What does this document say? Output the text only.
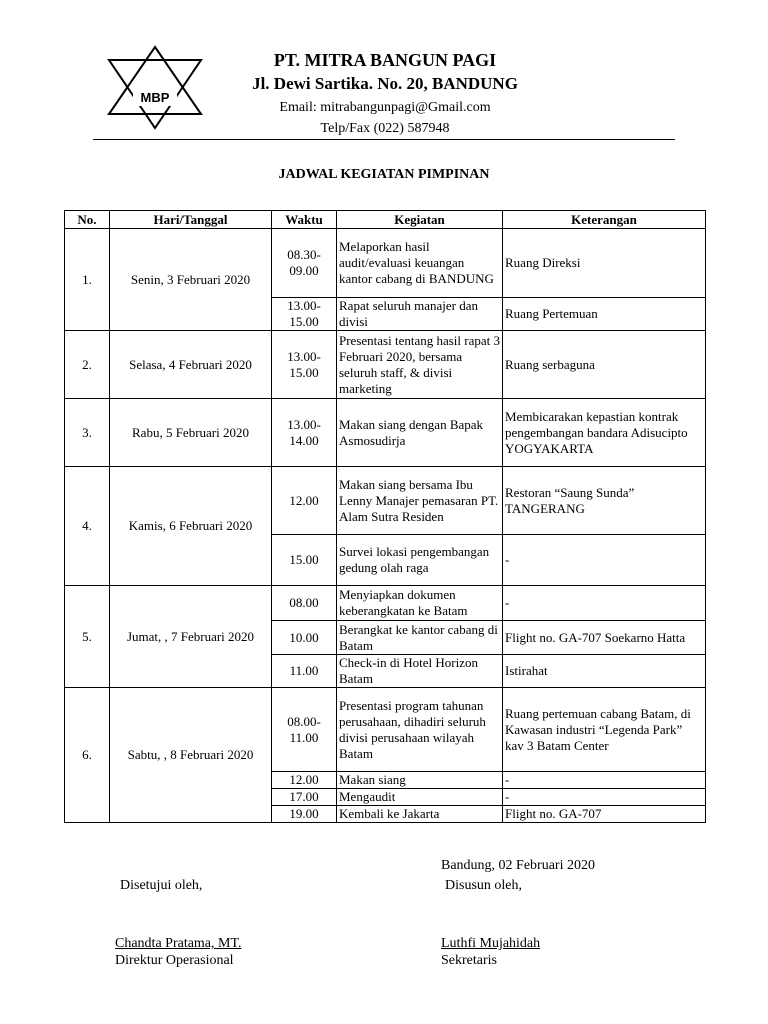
MBP
PT. MITRA BANGUN PAGI
Jl. Dewi Sartika. No. 20, BANDUNG
Email: mitrabangunpagi@Gmail.com
Telp/Fax (022) 587948
JADWAL KEGIATAN PIMPINAN
No.	Hari/Tanggal	Waktu	Kegiatan	Keterangan
1.	Senin, 3 Februari 2020	08.30-09.00	Melaporkan hasil audit/evaluasi keuangan kantor cabang di BANDUNG	Ruang Direksi
		13.00-15.00	Rapat seluruh manajer dan divisi	Ruang Pertemuan
2.	Selasa, 4 Februari 2020	13.00-15.00	Presentasi tentang hasil rapat 3 Februari 2020, bersama seluruh staff, & divisi marketing	Ruang serbaguna
3.	Rabu, 5 Februari 2020	13.00-14.00	Makan siang dengan Bapak Asmosudirja	Membicarakan kepastian kontrak pengembangan bandara Adisucipto YOGYAKARTA
4.	Kamis, 6 Februari 2020	12.00	Makan siang bersama Ibu Lenny Manajer pemasaran PT. Alam Sutra Residen	Restoran “Saung Sunda” TANGERANG
		15.00	Survei lokasi pengembangan gedung olah raga	-
5.	Jumat, , 7 Februari 2020	08.00	Menyiapkan dokumen keberangkatan ke Batam	-
		10.00	Berangkat ke kantor cabang di Batam	Flight no. GA-707 Soekarno Hatta
		11.00	Check-in di Hotel Horizon Batam	Istirahat
6.	Sabtu, , 8 Februari 2020	08.00-11.00	Presentasi program tahunan perusahaan, dihadiri seluruh divisi perusahaan wilayah Batam	Ruang pertemuan cabang Batam, di Kawasan industri “Legenda Park” kav 3 Batam Center
		12.00	Makan siang	-
		17.00	Mengaudit	-
		19.00	Kembali ke Jakarta	Flight no. GA-707
Bandung, 02 Februari 2020
Disetujui oleh,	Disusun oleh,
Chandta Pratama, MT.
Direktur Operasional
Luthfi Mujahidah
Sekretaris
